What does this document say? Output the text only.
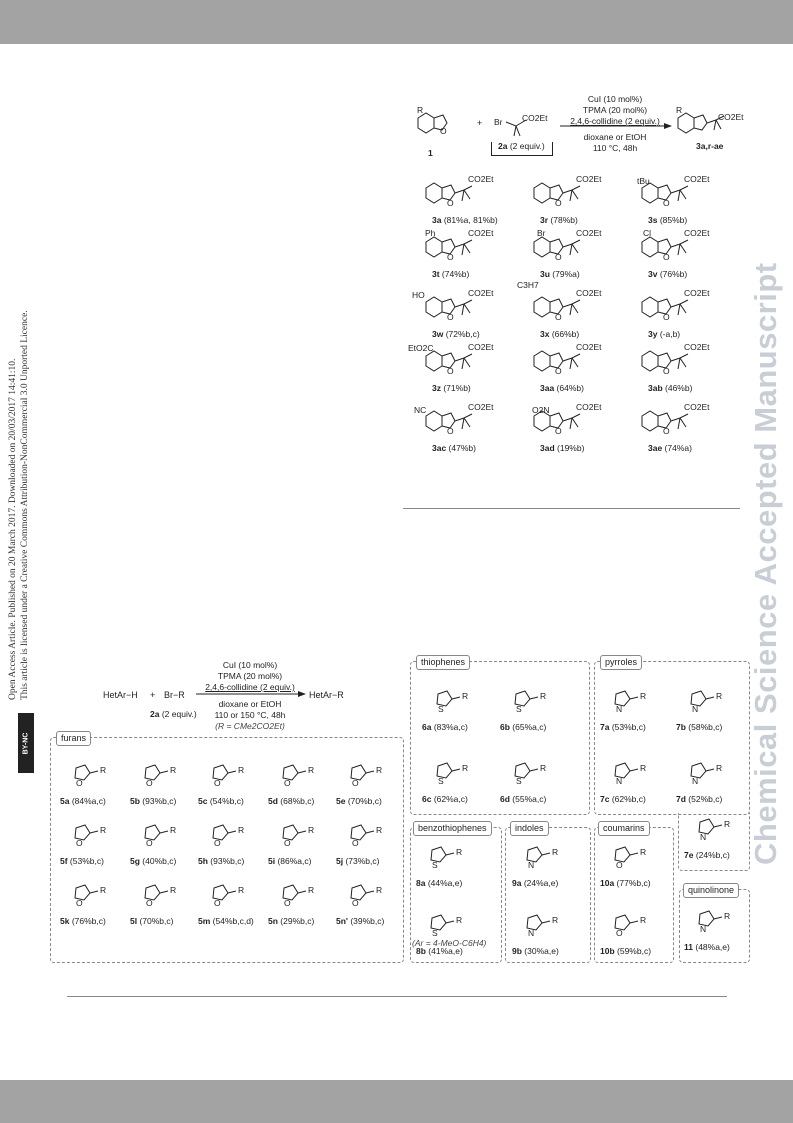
Open Access Article. Published on 20 March 2017. Downloaded on 20/03/2017 14:41:10. This article is licensed under a Creative Commons Attribution-NonCommercial 3.0 Unported Licence.
BY-NC	Chemical Science Accepted Manuscript
R
O
1
+ Br CO2Et
2a (2 equiv.)
CuI (10 mol%)
TPMA (20 mol%)
2,4,6-collidine (2 equiv.)
dioxane or EtOH
110 °C, 48h
R
CO2Et
3a,r-ae
O
CO2Et
3a (81%a, 81%b)
O
CO2Et
3r (78%b)
O
CO2Et
3s (85%b)
O
CO2Et
3t (74%b)
O
CO2Et
3u (79%a)
O
CO2Et
3v (76%b)
O
CO2Et
3w (72%b,c)
O
CO2Et
3x (66%b)
O
CO2Et
3y (-a,b)
O
CO2Et
3z (71%b)
O
CO2Et
3aa (64%b)
O
CO2Et
3ab (46%b)
O
CO2Et
3ac (47%b)
O
CO2Et
3ad (19%b)
O
CO2Et
3ae (74%a)
tBu
Ph	Br	Cl
HO
C3H7
EtO2C
NC	O2N
HetAr−H + Br−R
2a (2 equiv.)
CuI (10 mol%)
TPMA (20 mol%)
2,4,6-collidine (2 equiv.)
dioxane or EtOH
110 or 150 °C, 48h
(R = CMe2CO2Et)
HetAr−R
furans
thiophenes	pyrroles
benzothiophenes	indoles	coumarins
quinolinone
O
R
5a (84%a,c)
O
R
5b (93%b,c)
O
R
5c (54%b,c)
O
R
5d (68%b,c)
O
R
5e (70%b,c)
O
R
5f (53%b,c)
O
R
5g (40%b,c)
O
R
5h (93%b,c)
O
R
5i (86%a,c)
O
R
5j (73%b,c)
O
R
5k (76%b,c)
O
R
5l (70%b,c)
O
R
5m (54%b,c,d)
O
R
5n (29%b,c)
O
R
5n' (39%b,c)
S
R
6a (83%a,c)
S
R
6b (65%a,c)
S
R
6c (62%a,c)
S
R
6d (55%a,c)
N
R
7a (53%b,c)
N
R
7b (58%b,c)
N
R
7c (62%b,c)
N
R
7d (52%b,c)
N
R
7e (24%b,c)
S
R
8a (44%a,e)
S
R
8b (41%a,e)
N
R
9a (24%a,e)
N
R
9b (30%a,e)
O
R
10a (77%b,c)
O
R
10b (59%b,c)
N
R
11 (48%a,e)
(Ar = 4-MeO-C6H4)
